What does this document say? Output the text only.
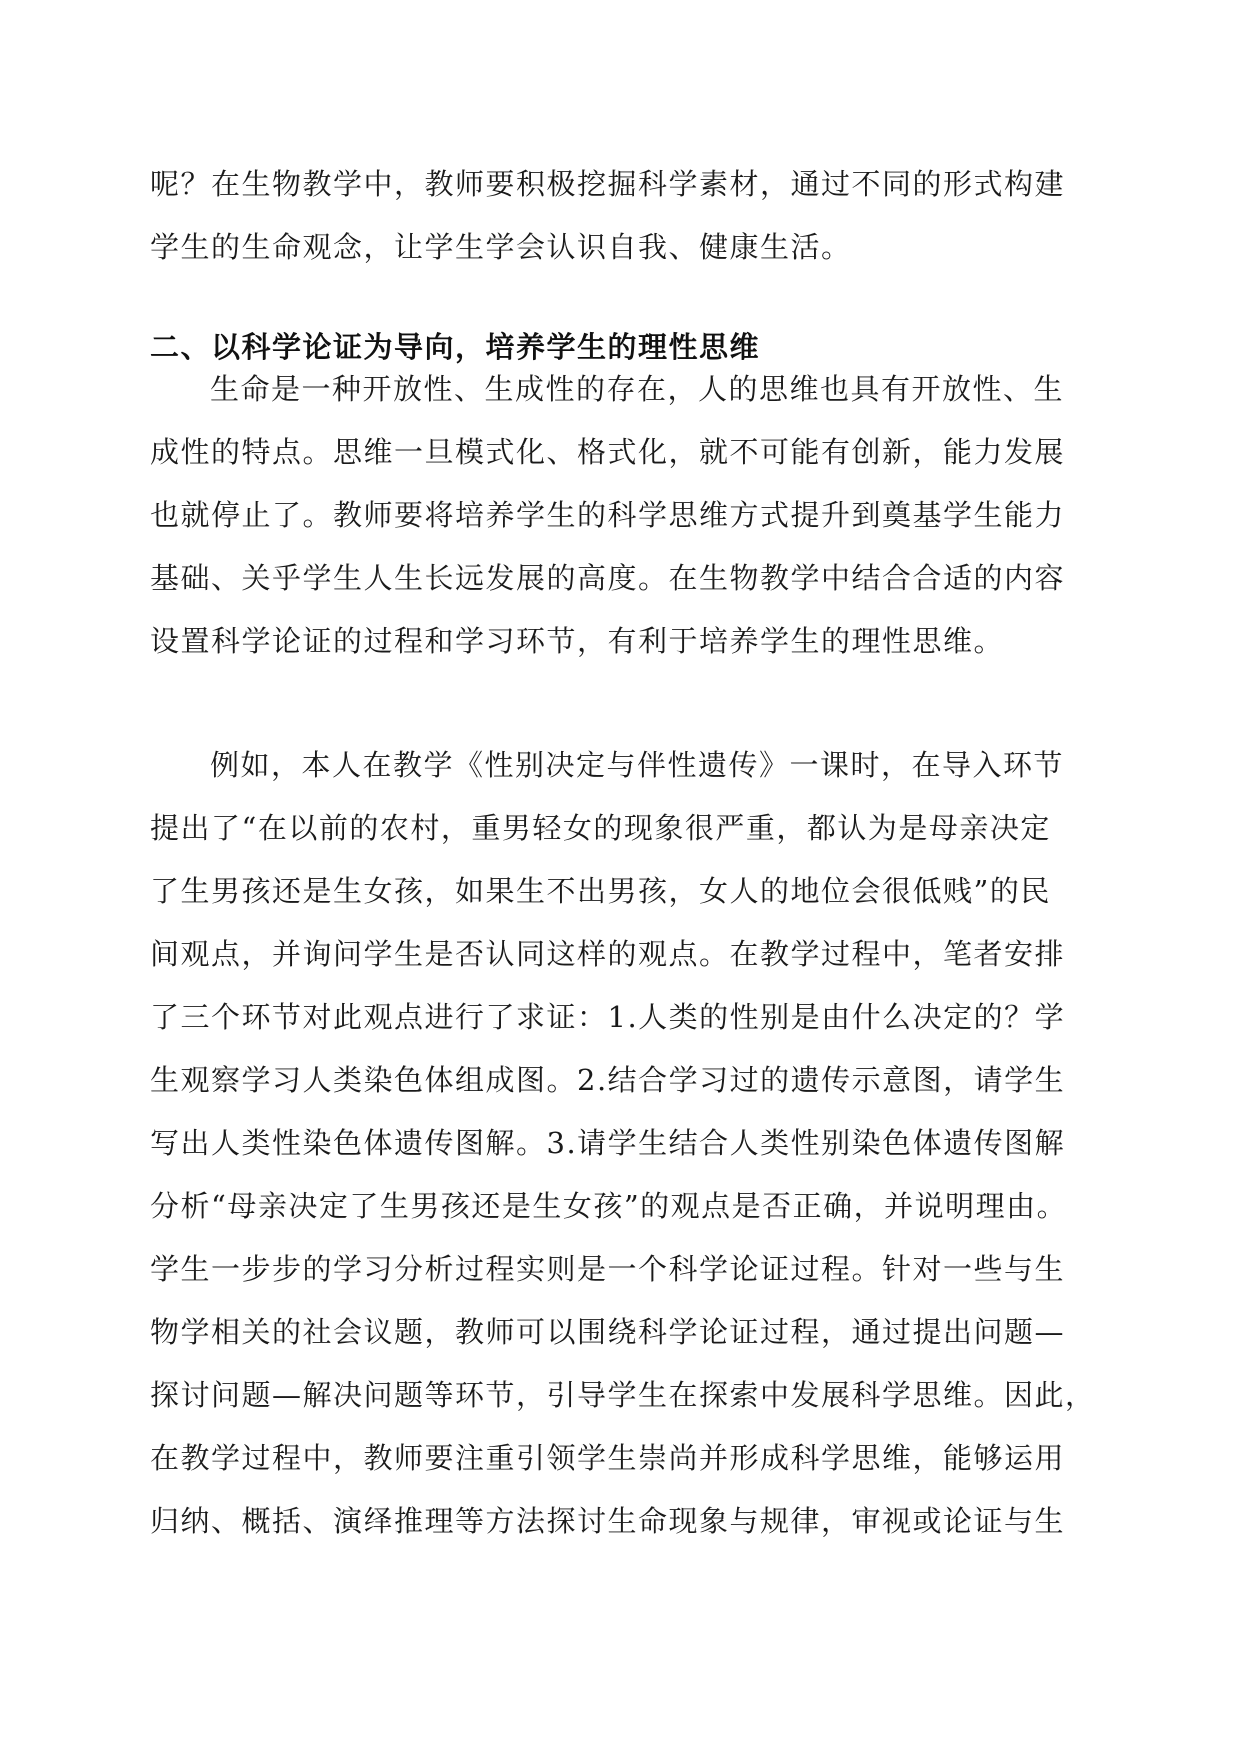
呢？在生物教学中，教师要积极挖掘科学素材，通过不同的形式构建
学生的生命观念，让学生学会认识自我、健康生活。
二、以科学论证为导向，培养学生的理性思维
生命是一种开放性、生成性的存在，人的思维也具有开放性、生
成性的特点。思维一旦模式化、格式化，就不可能有创新，能力发展
也就停止了。教师要将培养学生的科学思维方式提升到奠基学生能力
基础、关乎学生人生长远发展的高度。在生物教学中结合合适的内容
设置科学论证的过程和学习环节，有利于培养学生的理性思维。
例如，本人在教学《性别决定与伴性遗传》一课时，在导入环节
提出了“在以前的农村，重男轻女的现象很严重，都认为是母亲决定
了生男孩还是生女孩，如果生不出男孩，女人的地位会很低贱”的民
间观点，并询问学生是否认同这样的观点。在教学过程中，笔者安排
了三个环节对此观点进行了求证：1.人类的性别是由什么决定的？学
生观察学习人类染色体组成图。2.结合学习过的遗传示意图，请学生
写出人类性染色体遗传图解。3.请学生结合人类性别染色体遗传图解
分析“母亲决定了生男孩还是生女孩”的观点是否正确，并说明理由。
学生一步步的学习分析过程实则是一个科学论证过程。针对一些与生
物学相关的社会议题，教师可以围绕科学论证过程，通过提出问题—
探讨问题—解决问题等环节，引导学生在探索中发展科学思维。因此，
在教学过程中，教师要注重引领学生崇尚并形成科学思维，能够运用
归纳、概括、演绎推理等方法探讨生命现象与规律，审视或论证与生
